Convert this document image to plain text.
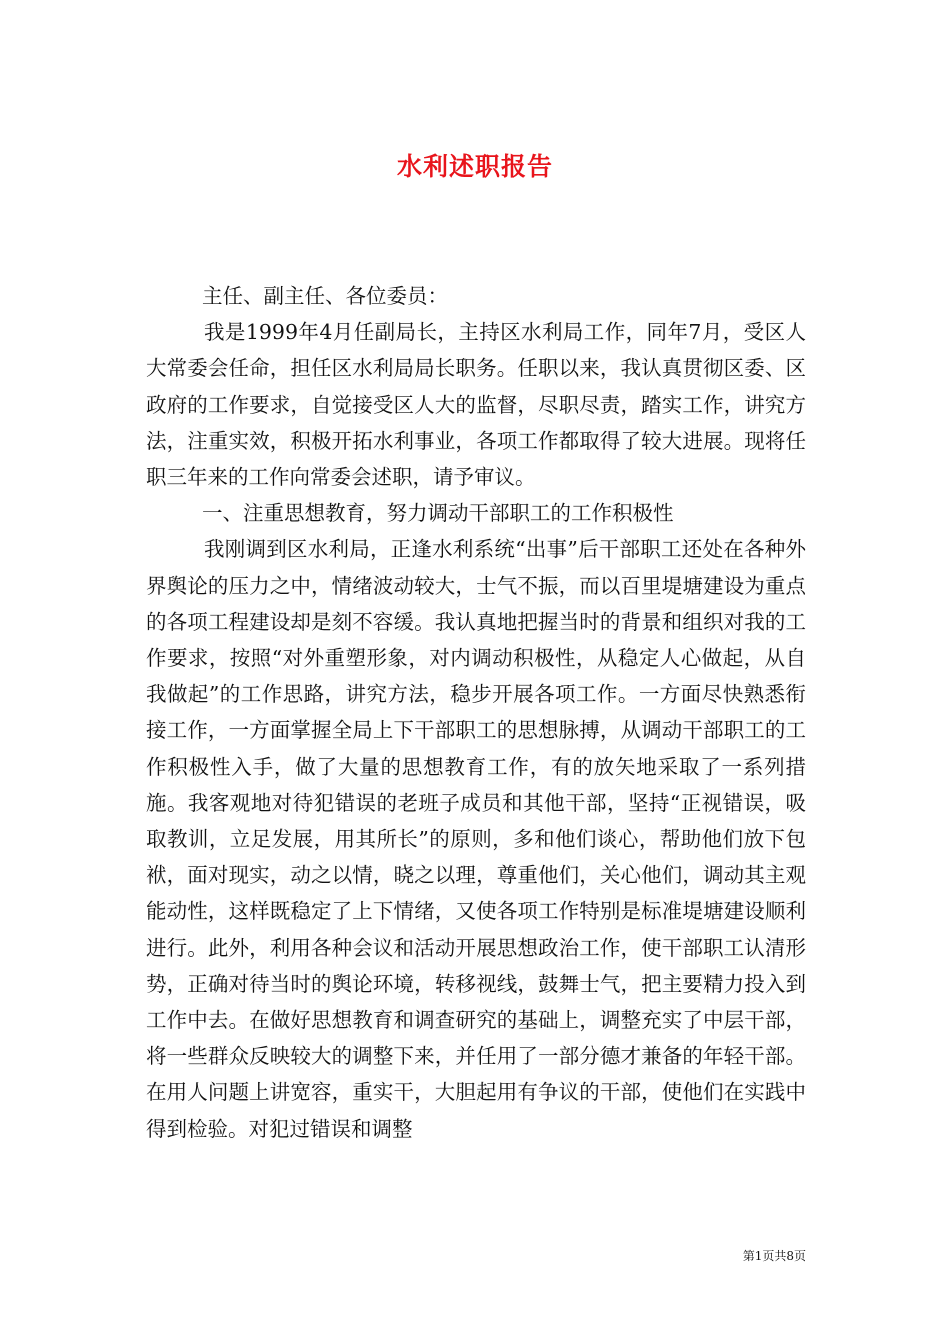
水利述职报告

主任、副主任、各位委员：

我是1999年4月任副局长，主持区水利局工作，同年7月，受区人大常委会任命，担任区水利局局长职务。任职以来，我认真贯彻区委、区政府的工作要求，自觉接受区人大的监督，尽职尽责，踏实工作，讲究方法，注重实效，积极开拓水利事业，各项工作都取得了较大进展。现将任职三年来的工作向常委会述职，请予审议。

一、注重思想教育，努力调动干部职工的工作积极性

我刚调到区水利局，正逢水利系统“出事”后干部职工还处在各种外界舆论的压力之中，情绪波动较大，士气不振，而以百里堤塘建设为重点的各项工程建设却是刻不容缓。我认真地把握当时的背景和组织对我的工作要求，按照“对外重塑形象，对内调动积极性，从稳定人心做起，从自我做起”的工作思路，讲究方法，稳步开展各项工作。一方面尽快熟悉衔接工作，一方面掌握全局上下干部职工的思想脉搏，从调动干部职工的工作积极性入手，做了大量的思想教育工作，有的放矢地采取了一系列措施。我客观地对待犯错误的老班子成员和其他干部，坚持“正视错误，吸取教训，立足发展，用其所长”的原则，多和他们谈心，帮助他们放下包袱，面对现实，动之以情，晓之以理，尊重他们，关心他们，调动其主观能动性，这样既稳定了上下情绪，又使各项工作特别是标准堤塘建设顺利进行。此外，利用各种会议和活动开展思想政治工作，使干部职工认清形势，正确对待当时的舆论环境，转移视线，鼓舞士气，把主要精力投入到工作中去。在做好思想教育和调查研究的基础上，调整充实了中层干部，将一些群众反映较大的调整下来，并任用了一部分德才兼备的年轻干部。在用人问题上讲宽容，重实干，大胆起用有争议的干部，使他们在实践中得到检验。对犯过错误和调整

第1页共8页
